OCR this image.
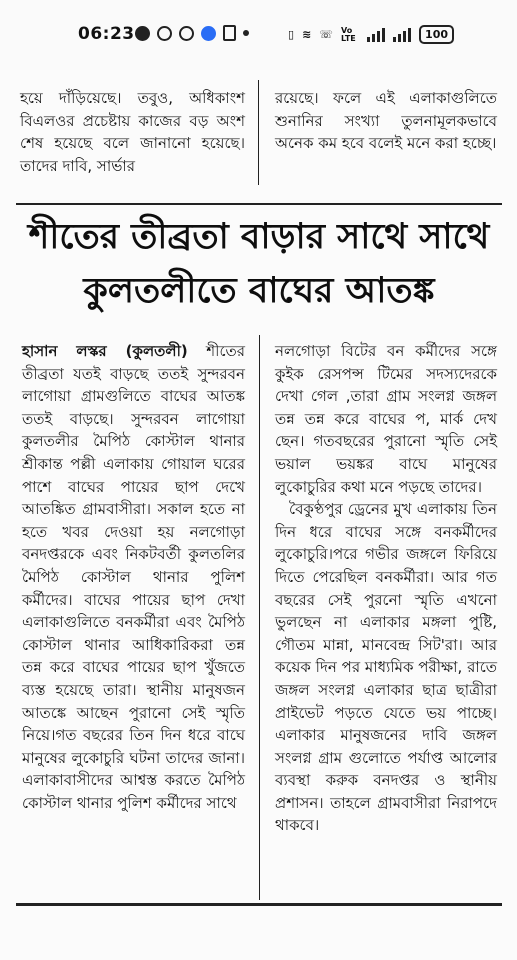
06:23	▯ ≋ ☏ Vo LTE	100
হয়ে দাঁড়িয়েছে। তবুও, অধিকাংশ বিএলওর প্রচেষ্টায় কাজের বড় অংশ শেষ হয়েছে বলে জানানো হয়েছে। তাদের দাবি, সার্ভার
রয়েছে। ফলে এই এলাকাগুলিতে শুনানির সংখ্যা তুলনামূলকভাবে অনেক কম হবে বলেই মনে করা হচ্ছে।
শীতের তীব্রতা বাড়ার সাথে সাথে কুলতলীতে বাঘের আতঙ্ক
হাসান লস্কর (কুলতলী) শীতের তীব্রতা যতই বাড়ছে ততই সুন্দরবন লাগোয়া গ্রামগুলিতে বাঘের আতঙ্ক ততই বাড়ছে। সুন্দরবন লাগোয়া কুলতলীর মৈপিঠ কোস্টাল থানার শ্রীকান্ত পল্লী এলাকায় গোয়াল ঘরের পাশে বাঘের পায়ের ছাপ দেখে আতঙ্কিত গ্রামবাসীরা। সকাল হতে না হতে খবর দেওয়া হয় নলগোড়া বনদপ্তরকে এবং নিকটবর্তী কুলতলির মৈপিঠ কোস্টাল থানার পুলিশ কর্মীদের। বাঘের পায়ের ছাপ দেখা এলাকাগুলিতে বনকর্মীরা এবং মৈপিঠ কোস্টাল থানার আধিকারিকরা তন্ন তন্ন করে বাঘের পায়ের ছাপ খুঁজতে ব্যস্ত হয়েছে তারা। স্থানীয় মানুষজন আতঙ্কে আছেন পুরানো সেই স্মৃতি নিয়ে।গত বছরের তিন দিন ধরে বাঘে মানুষের লুকোচুরি ঘটনা তাদের জানা। এলাকাবাসীদের আশ্বস্ত করতে মৈপিঠ কোস্টাল থানার পুলিশ কর্মীদের সাথে
নলগোড়া বিটের বন কর্মীদের সঙ্গে কুইক রেসপন্স টিমের সদস্যদেরকে দেখা গেল ,তারা গ্রাম সংলগ্ন জঙ্গল তন্ন তন্ন করে বাঘের প, মার্ক দেখ ছেন। গতবছরের পুরানো স্মৃতি সেই ভয়াল ভয়ঙ্কর বাঘে মানুষের লুকোচুরির কথা মনে পড়ছে তাদের।
বৈকুণ্ঠপুর ড্রেনের মুখ এলাকায় তিন দিন ধরে বাঘের সঙ্গে বনকর্মীদের লুকোচুরি।পরে গভীর জঙ্গলে ফিরিয়ে দিতে পেরেছিল বনকর্মীরা। আর গত বছরের সেই পুরনো স্মৃতি এখনো ভুলছেন না এলাকার মঙ্গলা পুষ্টি, গৌতম মান্না, মানবেন্দ্র সিট'রা। আর কয়েক দিন পর মাধ্যমিক পরীক্ষা, রাতে জঙ্গল সংলগ্ন এলাকার ছাত্র ছাত্রীরা প্রাইভেট পড়তে যেতে ভয় পাচ্ছে। এলাকার মানুষজনের দাবি জঙ্গল সংলগ্ন গ্ৰাম গুলোতে পর্যাপ্ত আলোর ব্যবস্থা করুক বনদপ্তর ও স্থানীয় প্রশাসন। তাহলে গ্রামবাসীরা নিরাপদে থাকবে।
